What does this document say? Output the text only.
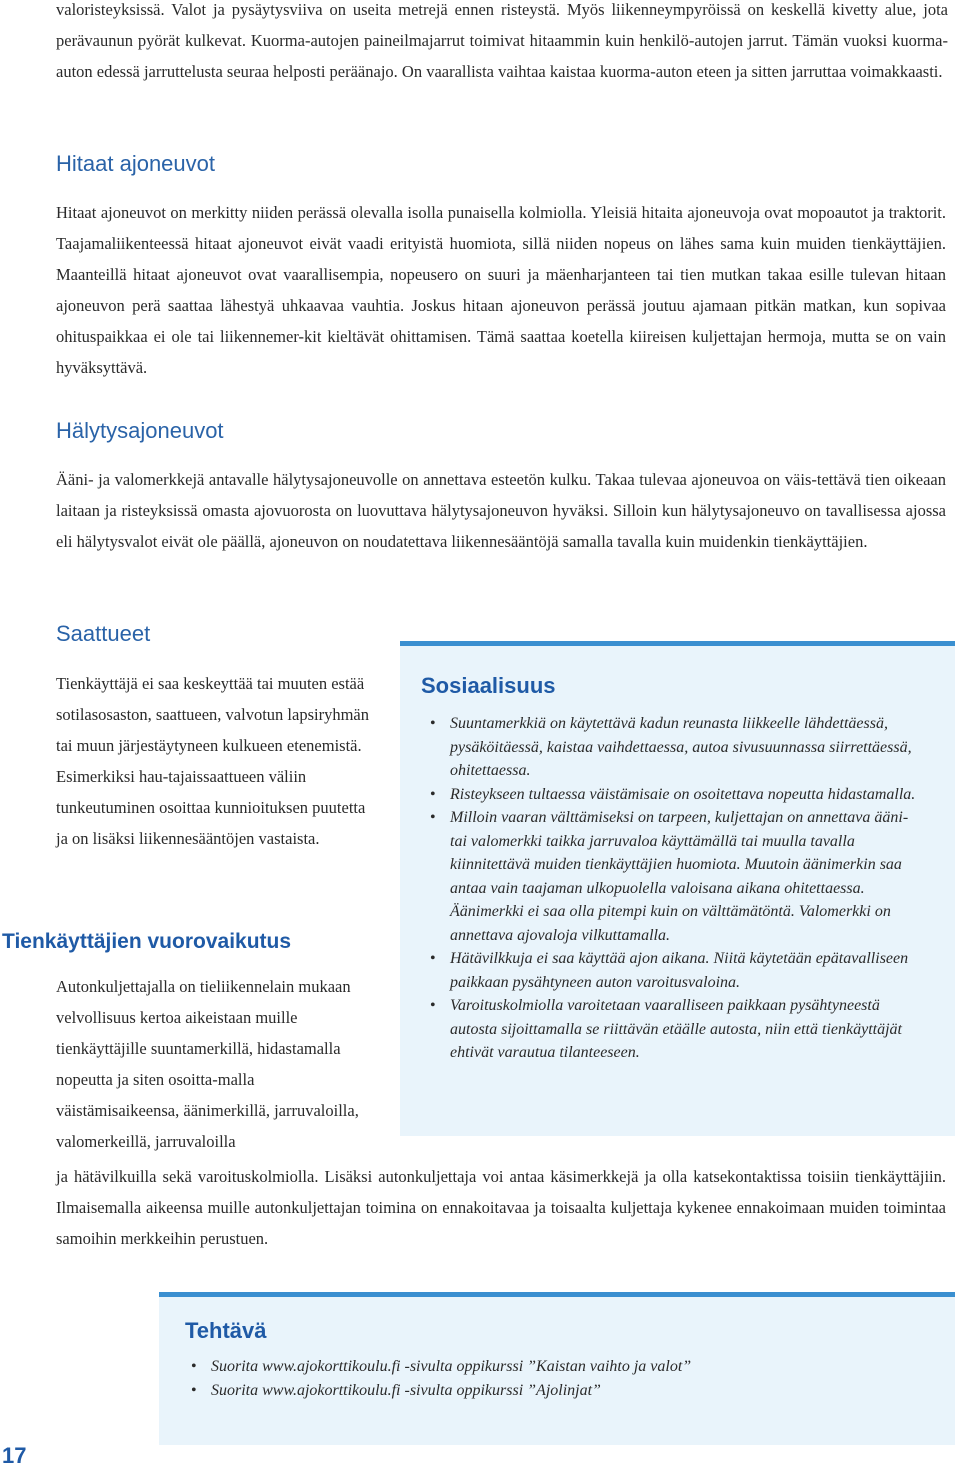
valoristeyksissä. Valot ja pysäytysviiva on useita metrejä ennen risteystä. Myös liikenneympyröissä on keskellä kivetty alue, jota perävaunun pyörät kulkevat. Kuorma-autojen paineilmajarrut toimivat hitaammin kuin henkilö-autojen jarrut. Tämän vuoksi kuorma-auton edessä jarruttelusta seuraa helposti peräänajo. On vaarallista vaihtaa kaistaa kuorma-auton eteen ja sitten jarruttaa voimakkaasti.

Hitaat ajoneuvot

Hitaat ajoneuvot on merkitty niiden perässä olevalla isolla punaisella kolmiolla. Yleisiä hitaita ajoneuvoja ovat mopoautot ja traktorit. Taajamaliikenteessä hitaat ajoneuvot eivät vaadi erityistä huomiota, sillä niiden nopeus on lähes sama kuin muiden tienkäyttäjien. Maanteillä hitaat ajoneuvot ovat vaarallisempia, nopeusero on suuri ja mäenharjanteen tai tien mutkan takaa esille tulevan hitaan ajoneuvon perä saattaa lähestyä uhkaavaa vauhtia. Joskus hitaan ajoneuvon perässä joutuu ajamaan pitkän matkan, kun sopivaa ohituspaikkaa ei ole tai liikennemer-kit kieltävät ohittamisen. Tämä saattaa koetella kiireisen kuljettajan hermoja, mutta se on vain hyväksyttävä.

Hälytysajoneuvot

Ääni- ja valomerkkejä antavalle hälytysajoneuvolle on annettava esteetön kulku. Takaa tulevaa ajoneuvoa on väis-tettävä tien oikeaan laitaan ja risteyksissä omasta ajovuorosta on luovuttava hälytysajoneuvon hyväksi. Silloin kun hälytysajoneuvo on tavallisessa ajossa eli hälytysvalot eivät ole päällä, ajoneuvon on noudatettava liikennesääntöjä samalla tavalla kuin muidenkin tienkäyttäjien.

Saattueet

Tienkäyttäjä ei saa keskeyttää tai muuten estää sotilasosaston, saattueen, valvotun lapsiryhmän tai muun järjestäytyneen kulkueen etenemistä. Esimerkiksi hau-tajaissaattueen väliin tunkeutuminen osoittaa kunnioituksen puutetta ja on lisäksi liikennesääntöjen vastaista.

Tienkäyttäjien vuorovaikutus

Autonkuljettajalla on tieliikennelain mukaan velvollisuus kertoa aikeistaan muille tienkäyttäjille suuntamerkillä, hidastamalla nopeutta ja siten osoitta-malla väistämisaikeensa, äänimerkillä, jarruvaloilla, valomerkeillä, jarruvaloilla

ja hätävilkuilla sekä varoituskolmiolla. Lisäksi autonkuljettaja voi antaa käsimerkkejä ja olla katsekontaktissa toisiin tienkäyttäjiin. Ilmaisemalla aikeensa muille autonkuljettajan toimina on ennakoitavaa ja toisaalta kuljettaja kykenee ennakoimaan muiden toimintaa samoihin merkkeihin perustuen.

Sosiaalisuus
• Suuntamerkkiä on käytettävä kadun reunasta liikkeelle lähdettäessä, pysäköitäessä, kaistaa vaihdettaessa, autoa sivusuunnassa siirrettäessä, ohitettaessa.
• Risteykseen tultaessa väistämisaie on osoitettava nopeutta hidastamalla.
• Milloin vaaran välttämiseksi on tarpeen, kuljettajan on annettava ääni- tai valomerkki taikka jarruvaloa käyttämällä tai muulla tavalla kiinnitettävä muiden tienkäyttäjien huomiota. Muutoin äänimerkin saa antaa vain taajaman ulkopuolella valoisana aikana ohitettaessa. Äänimerkki ei saa olla pitempi kuin on välttämätöntä. Valomerkki on annettava ajovaloja vilkuttamalla.
• Hätävilkkuja ei saa käyttää ajon aikana. Niitä käytetään epätavalliseen paikkaan pysähtyneen auton varoitusvaloina.
• Varoituskolmiolla varoitetaan vaaralliseen paikkaan pysähtyneestä autosta sijoittamalla se riittävän etäälle autosta, niin että tienkäyttäjät ehtivät varautua tilanteeseen.
Tehtävä
• Suorita www.ajokorttikoulu.fi -sivulta oppikurssi ”Kaistan vaihto ja valot”
• Suorita www.ajokorttikoulu.fi -sivulta oppikurssi ”Ajolinjat”
17
